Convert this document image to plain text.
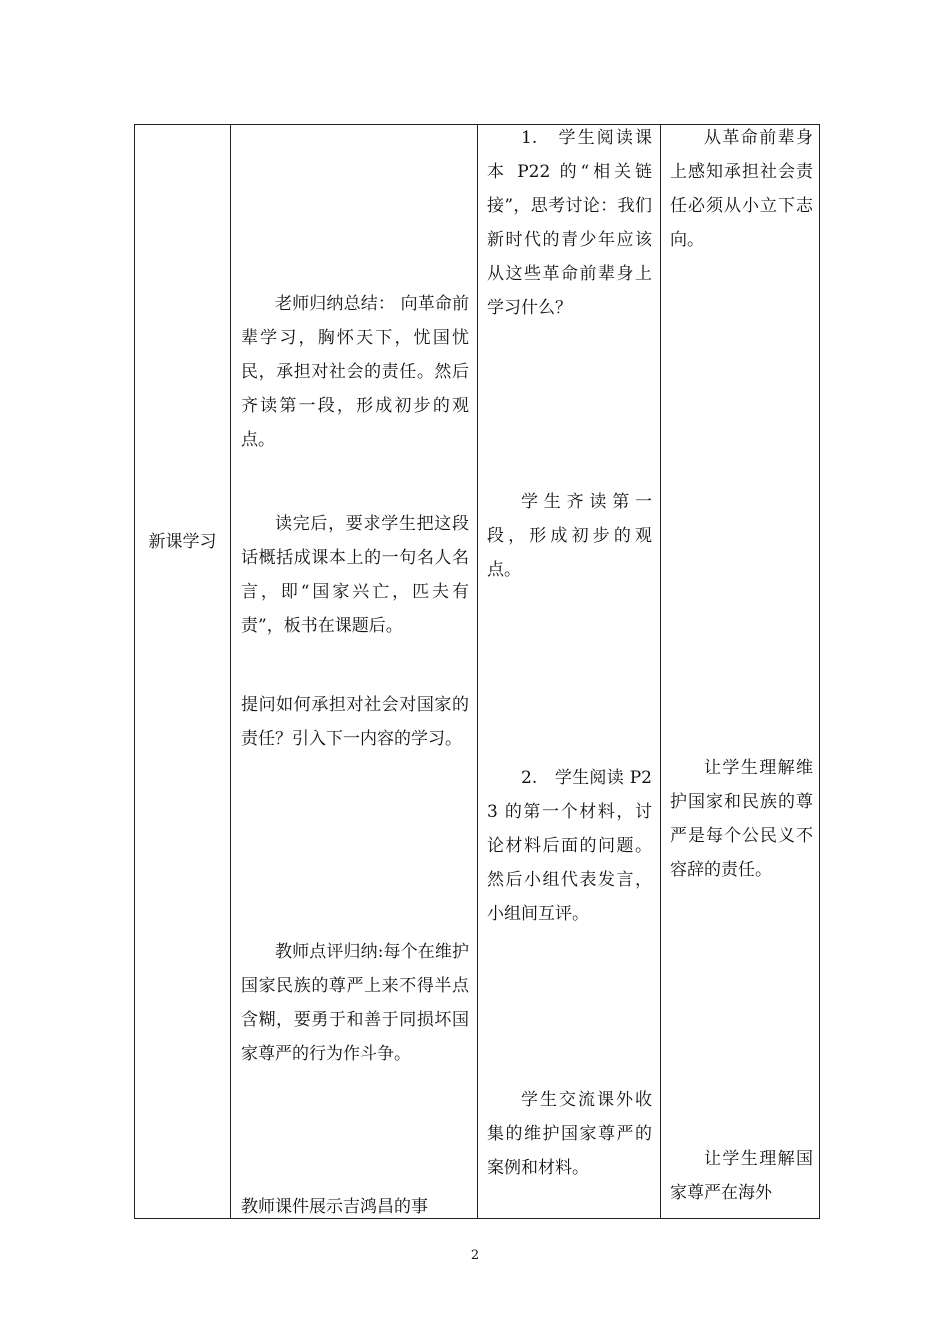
新课学习

老师归纳总结： 向革命前辈学习，胸怀天下，忧国忧民，承担对社会的责任。然后齐读第一段，形成初步的观点。

读完后，要求学生把这段话概括成课本上的一句名人名言，即“国家兴亡，匹夫有责”，板书在课题后。

提问如何承担对社会对国家的责任？引入下一内容的学习。

教师点评归纳:每个在维护国家民族的尊严上来不得半点含糊，要勇于和善于同损坏国家尊严的行为作斗争。

教师课件展示吉鸿昌的事

1.　学生阅读课本 P22 的“相关链接”，思考讨论：我们新时代的青少年应该从这些革命前辈身上学习什么？

学生齐读第一段，形成初步的观点。

2.　学生阅读 P23 的第一个材料，讨论材料后面的问题。然后小组代表发言，小组间互评。

学生交流课外收集的维护国家尊严的案例和材料。

从革命前辈身上感知承担社会责任必须从小立下志向。

让学生理解维护国家和民族的尊严是每个公民义不容辞的责任。

让学生理解国家尊严在海外

2
